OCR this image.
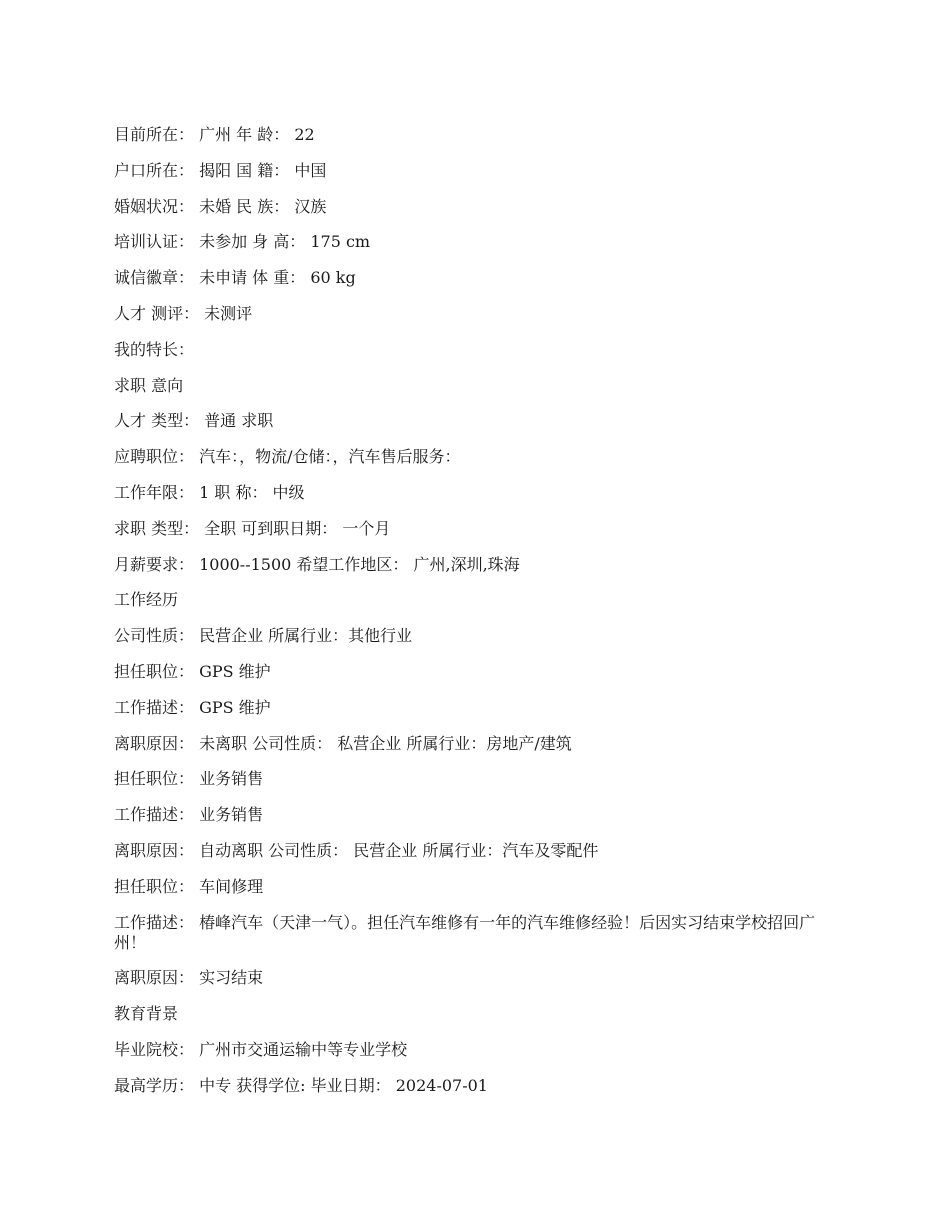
目前所在： 广州 年 龄： 22
户口所在： 揭阳 国 籍： 中国
婚姻状况： 未婚 民 族： 汉族
培训认证： 未参加 身 高： 175 cm
诚信徽章： 未申请 体 重： 60 kg
人才 测评： 未测评
我的特长：
求职 意向
人才 类型： 普通 求职
应聘职位： 汽车：，物流/仓储：，汽车售后服务：
工作年限： 1 职 称： 中级
求职 类型： 全职 可到职日期： 一个月
月薪要求： 1000--1500 希望工作地区： 广州,深圳,珠海
工作经历
公司性质： 民营企业 所属行业：其他行业
担任职位： GPS 维护
工作描述： GPS 维护
离职原因： 未离职 公司性质： 私营企业 所属行业：房地产/建筑
担任职位： 业务销售
工作描述： 业务销售
离职原因： 自动离职 公司性质： 民营企业 所属行业：汽车及零配件
担任职位： 车间修理
工作描述： 椿峰汽车（天津一气）。担任汽车维修有一年的汽车维修经验！后因实习结束学校招回广州！
离职原因： 实习结束
教育背景
毕业院校： 广州市交通运输中等专业学校
最高学历： 中专 获得学位: 毕业日期： 2024-07-01
